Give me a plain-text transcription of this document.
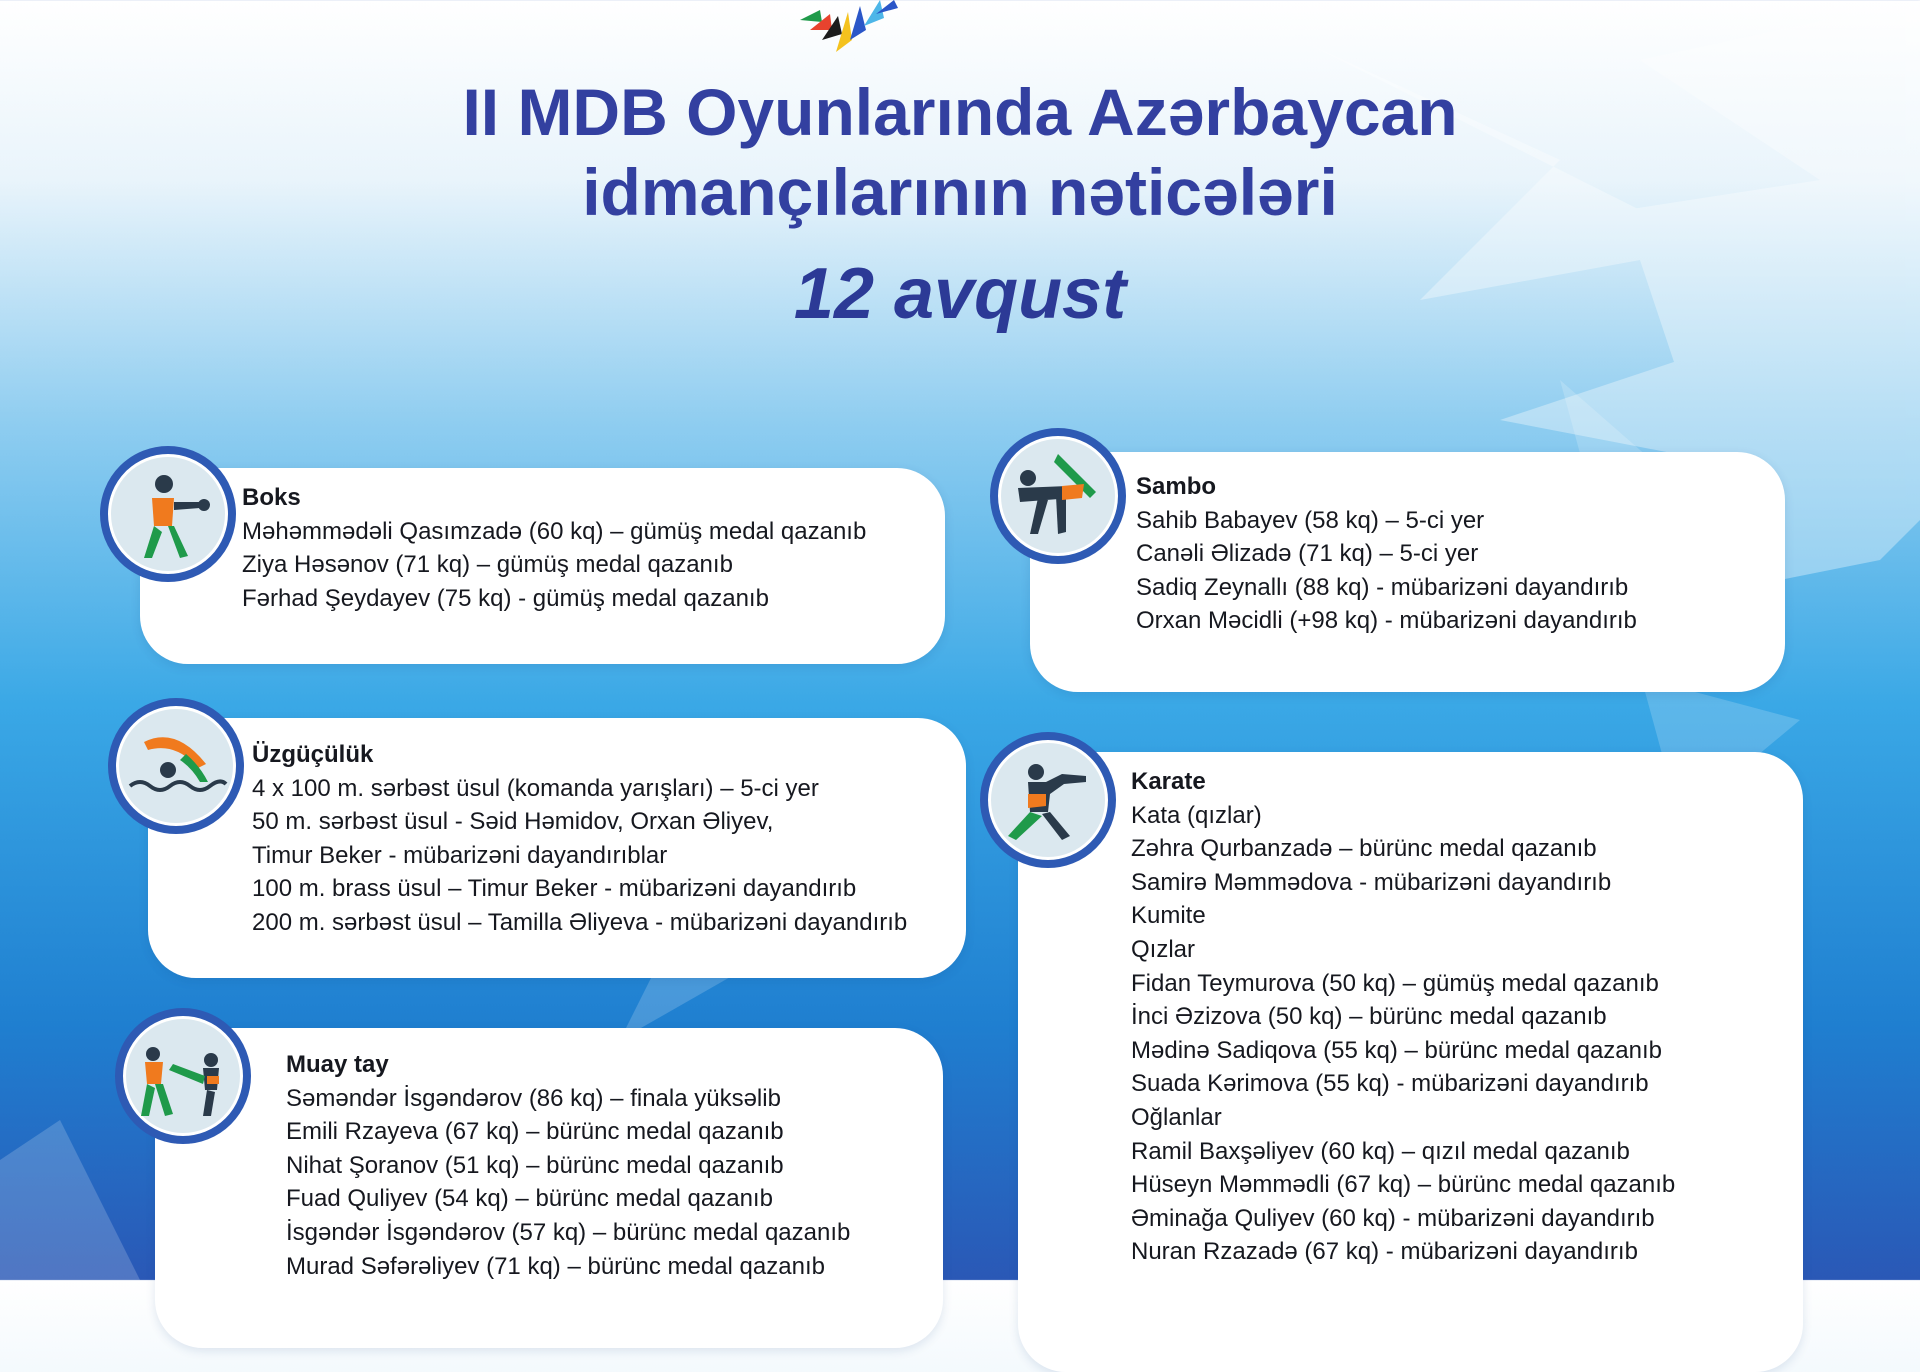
II MDB Oyunlarında Azərbaycan
idmançılarının nəticələri
12 avqust
Boks
Məhəmmədəli Qasımzadə (60 kq) – gümüş medal qazanıb
Ziya Həsənov (71 kq) – gümüş medal qazanıb
Fərhad Şeydayev (75 kq) - gümüş medal qazanıb
Sambo
Sahib Babayev (58 kq) – 5-ci yer
Canəli Əlizadə (71 kq) – 5-ci yer
Sadiq Zeynallı (88 kq) - mübarizəni dayandırıb
Orxan Məcidli (+98 kq) - mübarizəni dayandırıb
Üzgüçülük
4 x 100 m. sərbəst üsul (komanda yarışları) – 5-ci yer
50 m. sərbəst üsul - Səid Həmidov, Orxan Əliyev,
Timur Beker - mübarizəni dayandırıblar
100 m. brass üsul – Timur Beker - mübarizəni dayandırıb
200 m. sərbəst üsul – Tamilla Əliyeva - mübarizəni dayandırıb
Karate
Kata (qızlar)
Zəhra Qurbanzadə – bürünc medal qazanıb
Samirə Məmmədova - mübarizəni dayandırıb
Kumite
Qızlar
Fidan Teymurova (50 kq) – gümüş medal qazanıb
İnci Əzizova (50 kq) – bürünc medal qazanıb
Mədinə Sadiqova (55 kq) – bürünc medal qazanıb
Suada Kərimova (55 kq) - mübarizəni dayandırıb
Oğlanlar
Ramil Baxşəliyev (60 kq) – qızıl medal qazanıb
Hüseyn Məmmədli (67 kq) – bürünc medal qazanıb
Əminağa Quliyev (60 kq) - mübarizəni dayandırıb
Nuran Rzazadə (67 kq) - mübarizəni dayandırıb
Muay tay
Səməndər İsgəndərov (86 kq) – finala yüksəlib
Emili Rzayeva (67 kq) – bürünc medal qazanıb
Nihat Şoranov (51 kq) – bürünc medal qazanıb
Fuad Quliyev (54 kq) – bürünc medal qazanıb
İsgəndər İsgəndərov (57 kq) – bürünc medal qazanıb
Murad Səfərəliyev (71 kq) – bürünc medal qazanıb
